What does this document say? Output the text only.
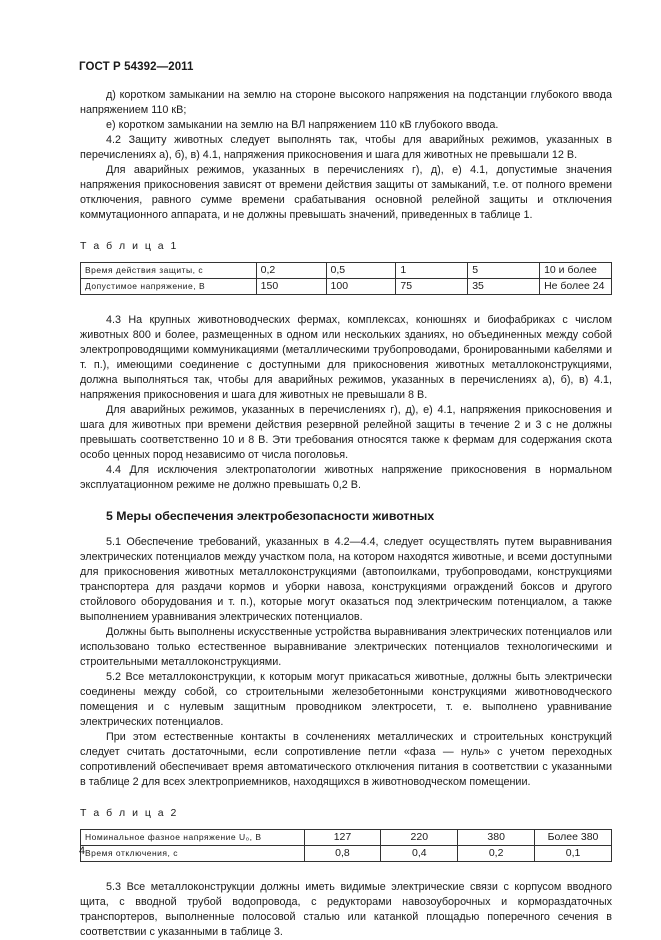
ГОСТ Р 54392—2011

д) коротком замыкании на землю на стороне высокого напряжения на подстанции глубокого ввода напряжением 110 кВ;

е) коротком замыкании на землю на ВЛ напряжением 110 кВ глубокого ввода.

4.2 Защиту животных следует выполнять так, чтобы для аварийных режимов, указанных в перечислениях а), б), в) 4.1, напряжения прикосновения и шага для животных не превышали 12 В.

Для аварийных режимов, указанных в перечислениях г), д), е) 4.1, допустимые значения напряжения прикосновения зависят от времени действия защиты от замыканий, т.е. от полного времени отключения, равного сумме времени срабатывания основной релейной защиты и отключения коммутационного аппарата, и не должны превышать значений, приведенных в таблице 1.

Т а б л и ц а 1
Время действия защиты, с	0,2	0,5	1	5	10 и более
Допустимое напряжение, В	150	100	75	35	Не более 24

4.3 На крупных животноводческих фермах, комплексах, конюшнях и биофабриках с числом животных 800 и более, размещенных в одном или нескольких зданиях, но объединенных между собой электропроводящими коммуникациями (металлическими трубопроводами, бронированными кабелями и т. п.), имеющими соединение с доступными для прикосновения животных металлоконструкциями, должна выполняться так, чтобы для аварийных режимов, указанных в перечислениях а), б), в) 4.1, напряжения прикосновения и шага для животных не превышали 8 В.

Для аварийных режимов, указанных в перечислениях г), д), е) 4.1, напряжения прикосновения и шага для животных при времени действия резервной релейной защиты в течение 2 и 3 с не должны превышать соответственно 10 и 8 В. Эти требования относятся также к фермам для содержания скота особо ценных пород независимо от числа поголовья.

4.4 Для исключения электропатологии животных напряжение прикосновения в нормальном эксплуатационном режиме не должно превышать 0,2 В.

5 Меры обеспечения электробезопасности животных

5.1 Обеспечение требований, указанных в 4.2—4.4, следует осуществлять путем выравнивания электрических потенциалов между участком пола, на котором находятся животные, и всеми доступными для прикосновения животных металлоконструкциями (автопоилками, трубопроводами, конструкциями транспортера для раздачи кормов и уборки навоза, конструкциями ограждений боксов и другого стойлового оборудования и т. п.), которые могут оказаться под электрическим потенциалом, а также выполнением уравнивания электрических потенциалов.

Должны быть выполнены искусственные устройства выравнивания электрических потенциалов или использовано только естественное выравнивание электрических потенциалов технологическими и строительными металлоконструкциями.

5.2 Все металлоконструкции, к которым могут прикасаться животные, должны быть электрически соединены между собой, со строительными железобетонными конструкциями животноводческого помещения и с нулевым защитным проводником электросети, т. е. выполнено уравнивание электрических потенциалов.

При этом естественные контакты в сочленениях металлических и строительных конструкций следует считать достаточными, если сопротивление петли «фаза — нуль» с учетом переходных сопротивлений обеспечивает время автоматического отключения питания в соответствии с указанными в таблице 2 для всех электроприемников, находящихся в животноводческом помещении.

Т а б л и ц а 2
Номинальное фазное напряжение U₀, В	127	220	380	Более 380
Время отключения, с	0,8	0,4	0,2	0,1

5.3 Все металлоконструкции должны иметь видимые электрические связи с корпусом вводного щита, с вводной трубой водопровода, с редукторами навозоуборочных и кормораздаточных транспортеров, выполненные полосовой сталью или катанкой площадью поперечного сечения в соответствии с указанными в таблице 3.

4
